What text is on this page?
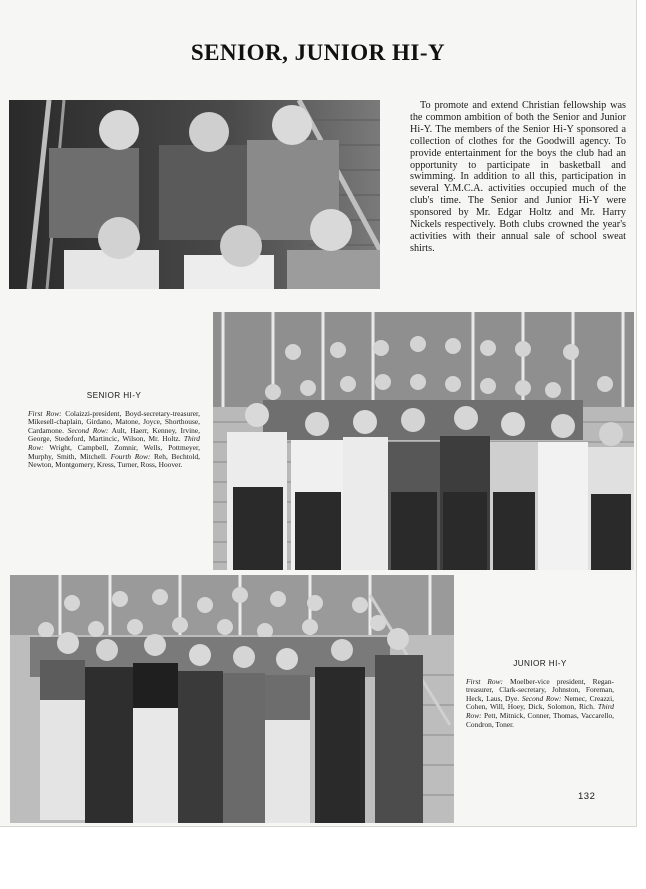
SENIOR, JUNIOR HI-Y
To promote and extend Christian fellowship was the common ambition of both the Senior and Junior Hi-Y. The members of the Senior Hi-Y sponsored a collection of clothes for the Goodwill agency. To provide entertainment for the boys the club had an opportunity to participate in basketball and swimming. In addition to all this, participation in several Y.M.C.A. activities occupied much of the club's time. The Senior and Junior Hi-Y were sponsored by Mr. Edgar Holtz and Mr. Harry Nickels respectively. Both clubs crowned the year's activities with their annual sale of school sweat shirts.
SENIOR HI-Y
First Row: Colaizzi-president, Boyd-secretary-treasurer, Mikesell-chaplain, Girdano, Matone, Joyce, Shorthouse, Cardamone. Second Row: Ault, Haerr, Kenney, Irvine, George, Stedeford, Martincic, Wilson, Mr. Holtz. Third Row: Wright, Campbell, Zomnir, Wells, Pottmeyer, Murphy, Smith, Mitchell. Fourth Row: Reh, Bechtold, Newton, Montgomery, Kress, Turner, Ross, Hoover.
JUNIOR HI-Y
First Row: Moelber-vice president, Regan-treasurer, Clark-secretary, Johnston, Foreman, Heck, Laus, Dye. Second Row: Nemec, Creazzi, Cohen, Will, Hoey, Dick, Solomon, Rich. Third Row: Pett, Mitnick, Conner, Thomas, Vaccarello, Condron, Toner.
132
